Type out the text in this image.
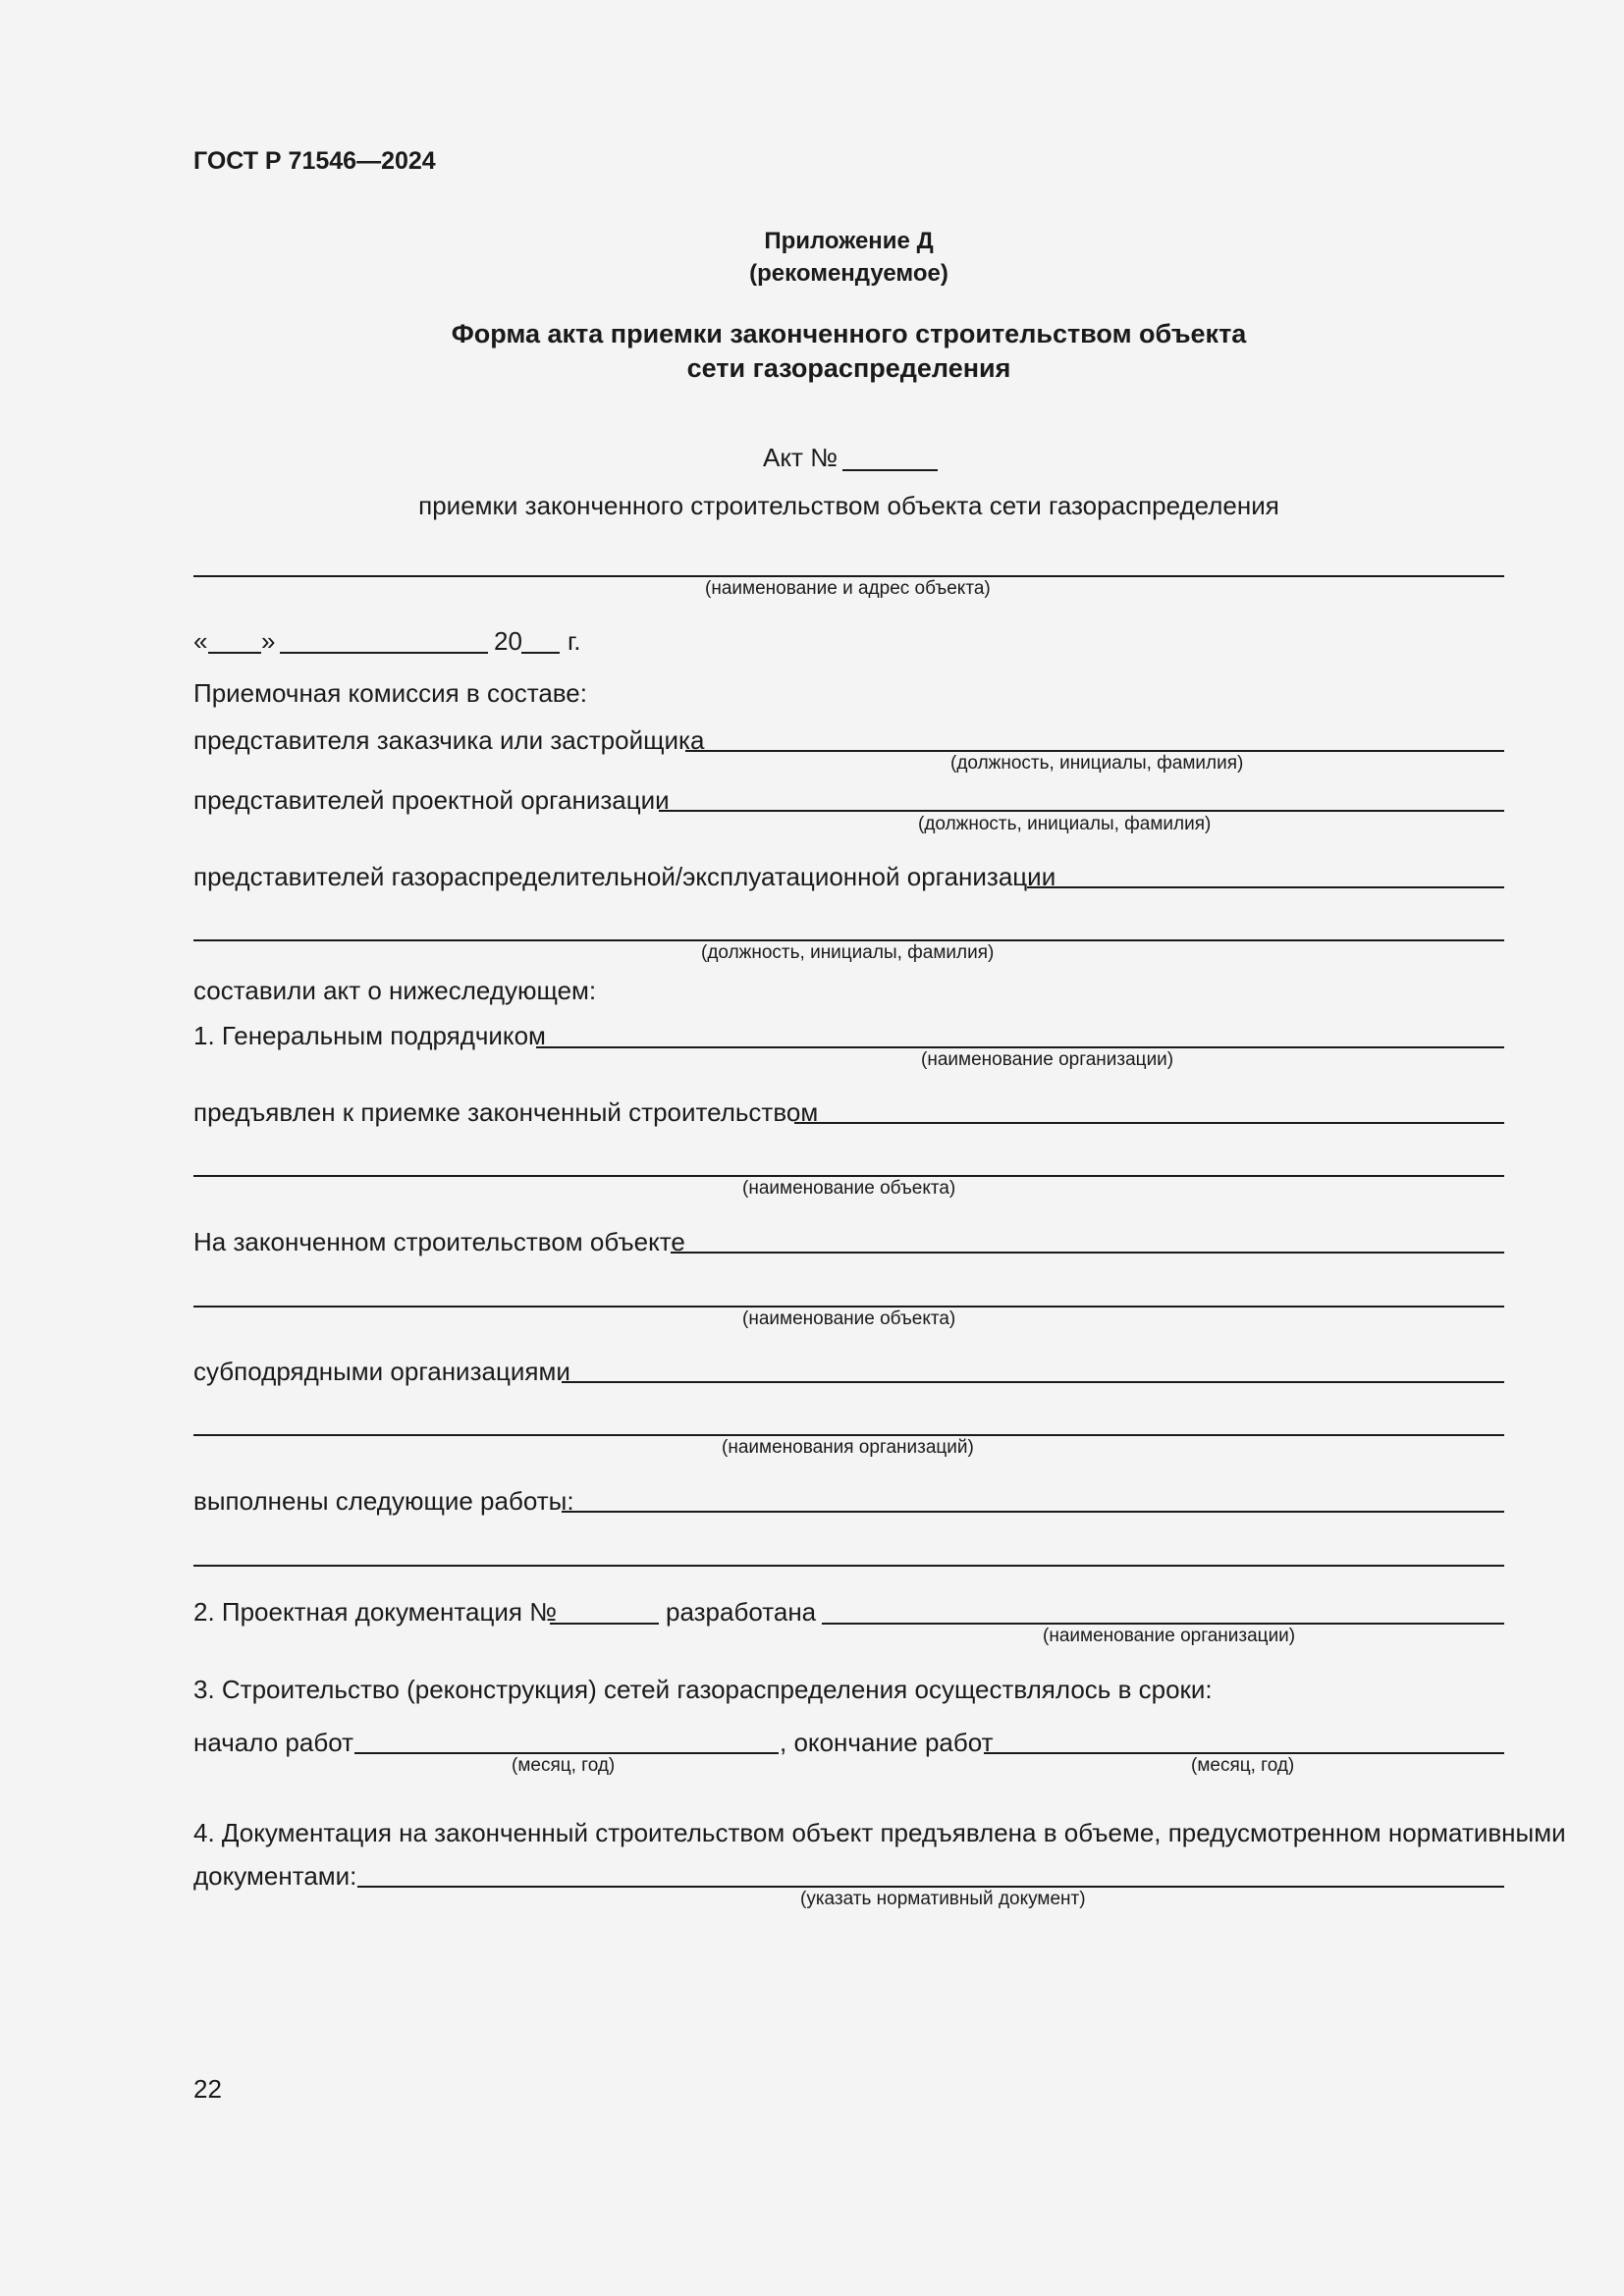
ГОСТ Р 71546—2024
Приложение Д
(рекомендуемое)
Форма акта приемки законченного строительством объекта
сети газораспределения
Акт №
приемки законченного строительством объекта сети газораспределения
(наименование и адрес объекта)
« »	20 г.
Приемочная комиссия в составе:
представителя заказчика или застройщика
(должность, инициалы, фамилия)
представителей проектной организации
(должность, инициалы, фамилия)
представителей газораспределительной/эксплуатационной организации
(должность, инициалы, фамилия)
составили акт о нижеследующем:
1. Генеральным подрядчиком
(наименование организации)
предъявлен к приемке законченный строительством
(наименование объекта)
На законченном строительством объекте
(наименование объекта)
субподрядными организациями
(наименования организаций)
выполнены следующие работы:
2. Проектная документация №	разработана
(наименование организации)
3. Строительство (реконструкция) сетей газораспределения осуществлялось в сроки:
начало работ	, окончание работ
(месяц, год)	(месяц, год)
4. Документация на законченный строительством объект предъявлена в объеме, предусмотренном нормативными
документами:
(указать нормативный документ)
22
